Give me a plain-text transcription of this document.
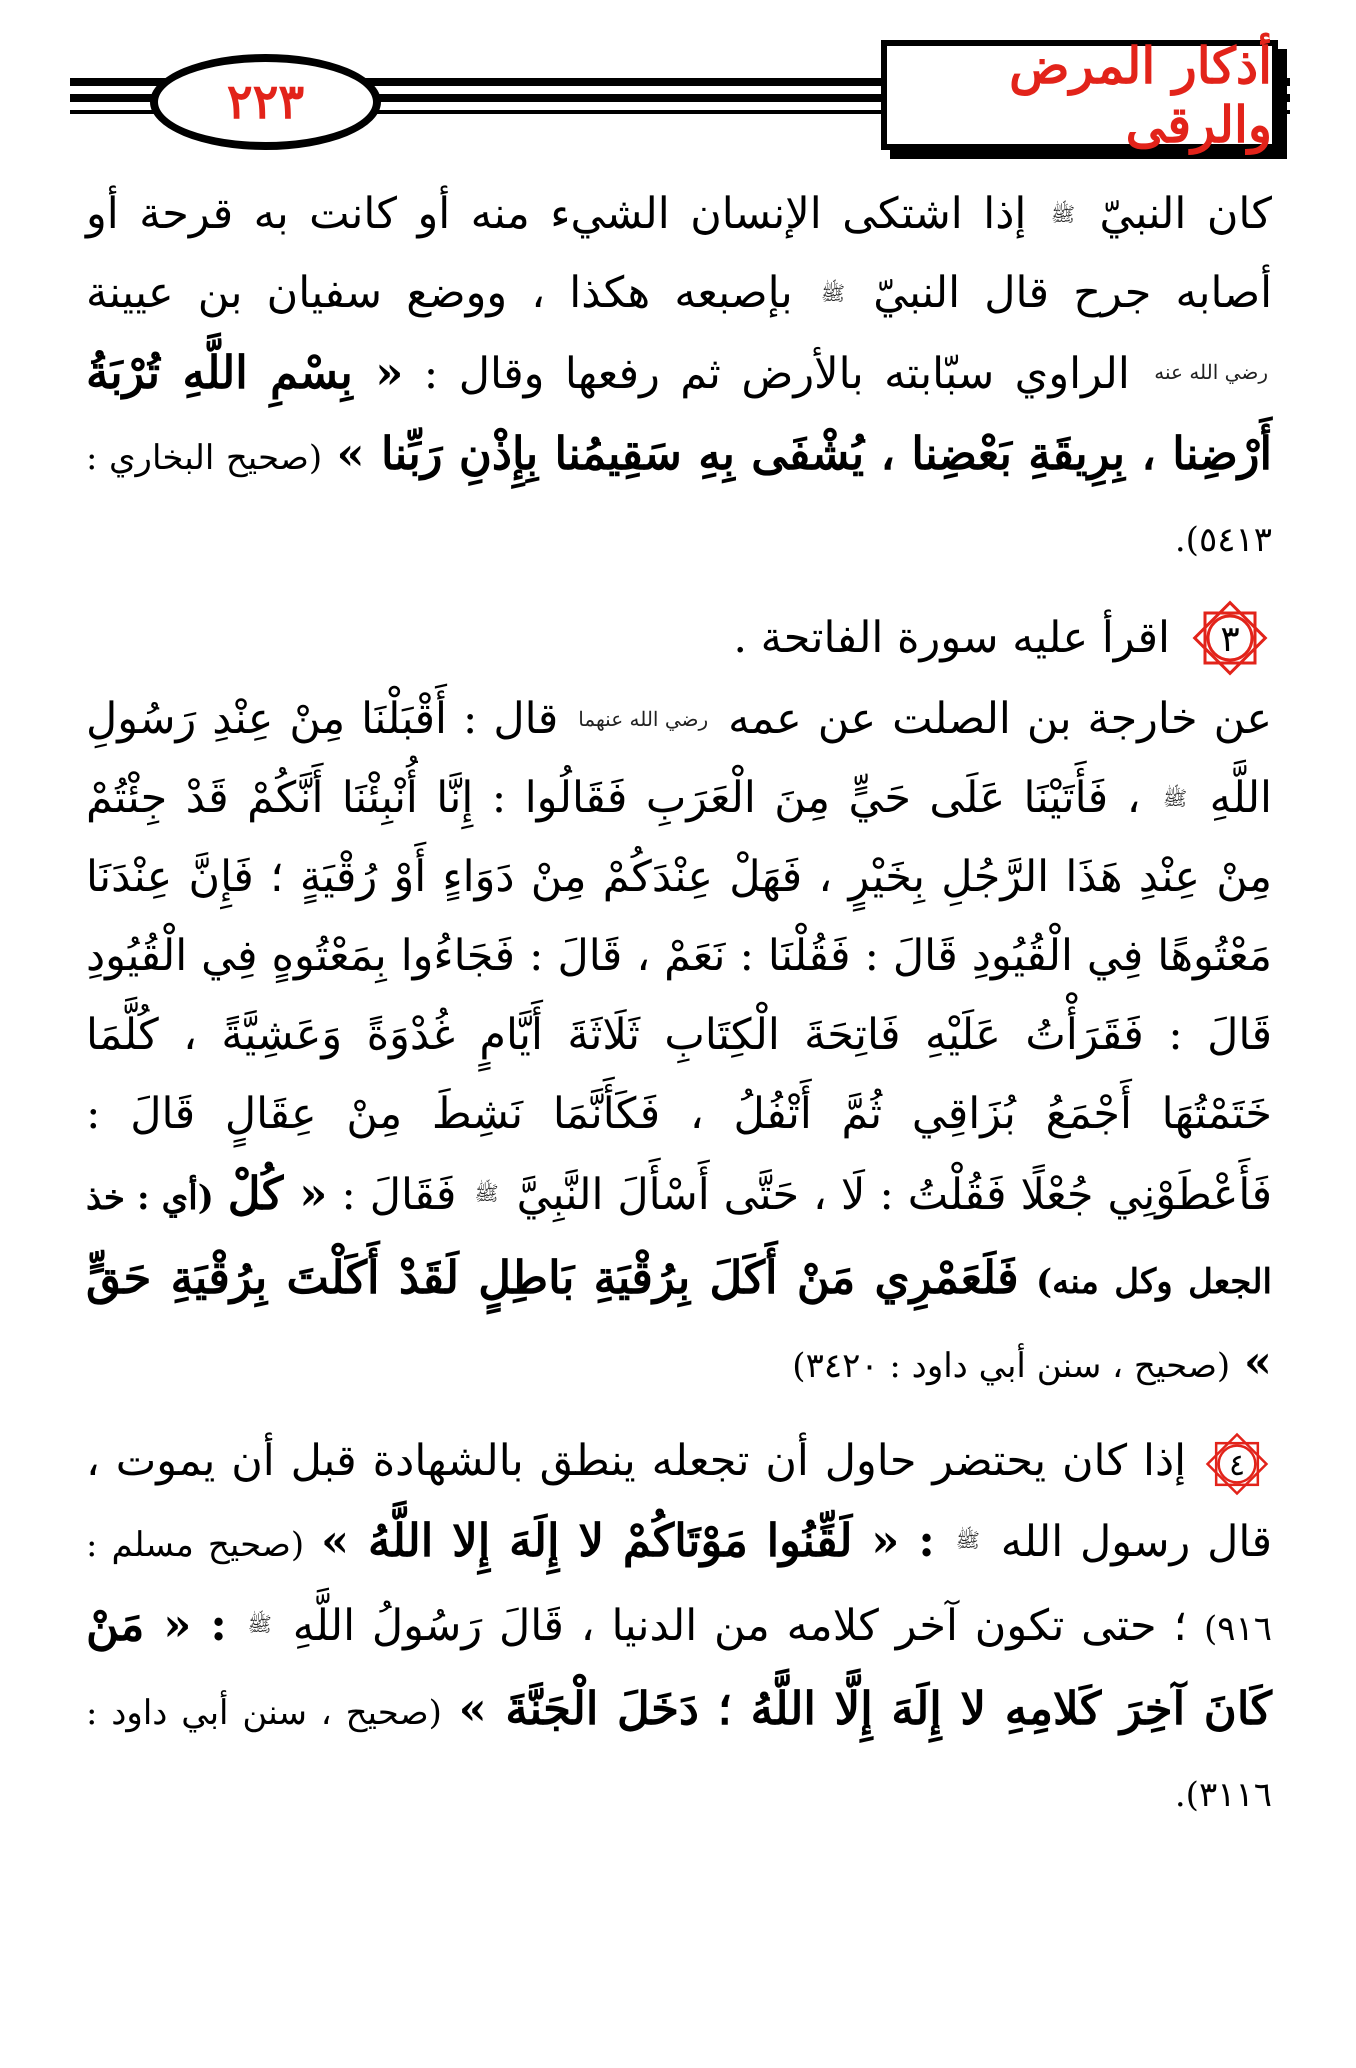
٢٢٣
أذكار المرض والرقى

كان النبيّ ﷺ إذا اشتكى الإنسان الشيء منه أو كانت به قرحة أو أصابه جرح قال النبيّ ﷺ بإصبعه هكذا ، ووضع سفيان بن عيينة رضي الله عنه الراوي سبّابته بالأرض ثم رفعها وقال : « بِسْمِ اللَّهِ تُرْبَةُ أَرْضِنا ، بِرِيقَةِ بَعْضِنا ، يُشْفَى بِهِ سَقِيمُنا بِإِذْنِ رَبِّنا » (صحيح البخاري : ٥٤١٣).

٣
اقرأ عليه سورة الفاتحة .

عن خارجة بن الصلت عن عمه رضي الله عنهما قال : أَقْبَلْنَا مِنْ عِنْدِ رَسُولِ اللَّهِ ﷺ ، فَأَتَيْنَا عَلَى حَيٍّ مِنَ الْعَرَبِ فَقَالُوا : إِنَّا أُنْبِئْنَا أَنَّكُمْ قَدْ جِئْتُمْ مِنْ عِنْدِ هَذَا الرَّجُلِ بِخَيْرٍ ، فَهَلْ عِنْدَكُمْ مِنْ دَوَاءٍ أَوْ رُقْيَةٍ ؛ فَإِنَّ عِنْدَنَا مَعْتُوهًا فِي الْقُيُودِ قَالَ : فَقُلْنَا : نَعَمْ ، قَالَ : فَجَاءُوا بِمَعْتُوهٍ فِي الْقُيُودِ قَالَ : فَقَرَأْتُ عَلَيْهِ فَاتِحَةَ الْكِتَابِ ثَلَاثَةَ أَيَّامٍ غُدْوَةً وَعَشِيَّةً ، كُلَّمَا خَتَمْتُهَا أَجْمَعُ بُزَاقِي ثُمَّ أَتْفُلُ ، فَكَأَنَّمَا نَشِطَ مِنْ عِقَالٍ قَالَ : فَأَعْطَوْنِي جُعْلًا فَقُلْتُ : لَا ، حَتَّى أَسْأَلَ النَّبِيَّ ﷺ فَقَالَ : « كُلْ (أي : خذ الجعل وكل منه) فَلَعَمْرِي مَنْ أَكَلَ بِرُقْيَةِ بَاطِلٍ لَقَدْ أَكَلْتَ بِرُقْيَةِ حَقٍّ » (صحيح ، سنن أبي داود : ٣٤٢٠)

٤
إذا كان يحتضر حاول أن تجعله ينطق بالشهادة قبل أن يموت ، قال رسول الله ﷺ : « لَقِّنُوا مَوْتَاكُمْ لا إِلَهَ إِلا اللَّهُ » (صحيح مسلم : ٩١٦) ؛ حتى تكون آخر كلامه من الدنيا ، قَالَ رَسُولُ اللَّهِ ﷺ : « مَنْ كَانَ آخِرَ كَلامِهِ لا إِلَهَ إِلَّا اللَّهُ ؛ دَخَلَ الْجَنَّةَ » (صحيح ، سنن أبي داود : ٣١١٦).
